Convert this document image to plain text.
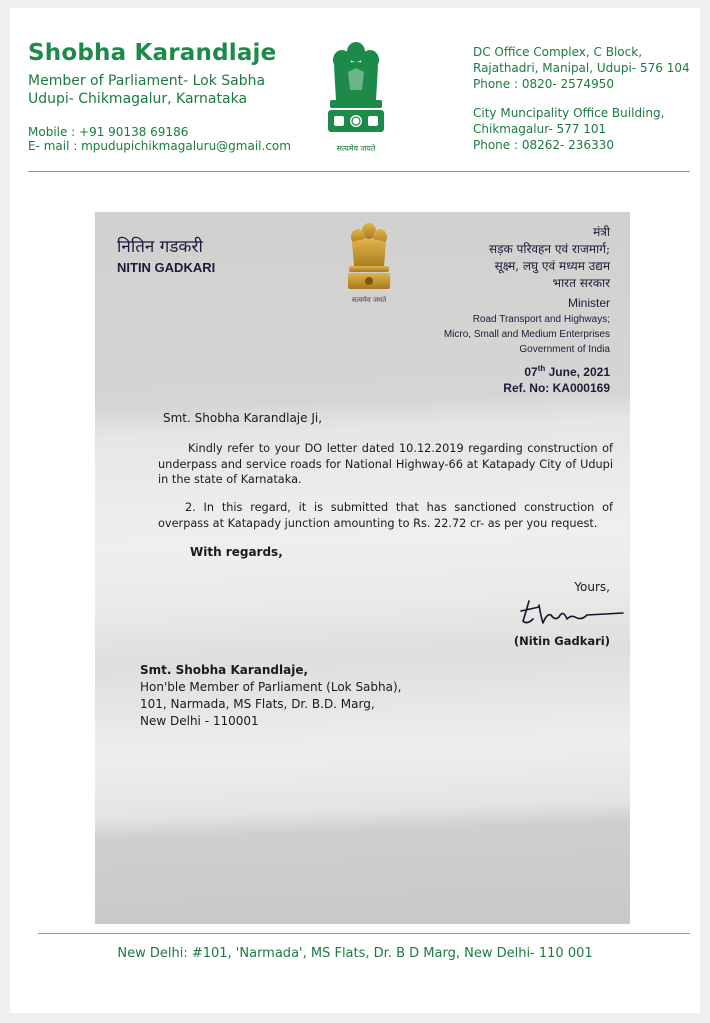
Shobha Karandlaje
Member of Parliament- Lok Sabha
Udupi- Chikmagalur, Karnataka
Mobile : +91 90138 69186
E- mail : mpudupichikmagaluru@gmail.com	सत्यमेव जयते
DC Office Complex, C Block,
Rajathadri, Manipal, Udupi- 576 104
Phone : 0820- 2574950
City Muncipality Office Building,
Chikmagalur- 577 101
Phone : 08262- 236330
नितिन गडकरी
NITIN GADKARI
सत्यमेव जयते
मंत्री
सड़क परिवहन एवं राजमार्ग;
सूक्ष्म, लघु एवं मध्यम उद्यम
भारत सरकार
Minister
Road Transport and Highways;
Micro, Small and Medium Enterprises
Government of India
07th June, 2021
Ref. No: KA000169
Smt. Shobha Karandlaje Ji,
Kindly refer to your DO letter dated 10.12.2019 regarding construction of underpass and service roads for National Highway-66 at Katapady City of Udupi in the state of Karnataka.
2. In this regard, it is submitted that has sanctioned construction of overpass at Katapady junction amounting to Rs. 22.72 cr- as per you request.
With regards,
Yours,
(Nitin Gadkari)
Smt. Shobha Karandlaje,
Hon'ble Member of Parliament (Lok Sabha),
101, Narmada, MS Flats, Dr. B.D. Marg,
New Delhi - 110001
New Delhi: #101, 'Narmada', MS Flats, Dr. B D Marg, New Delhi- 110 001
